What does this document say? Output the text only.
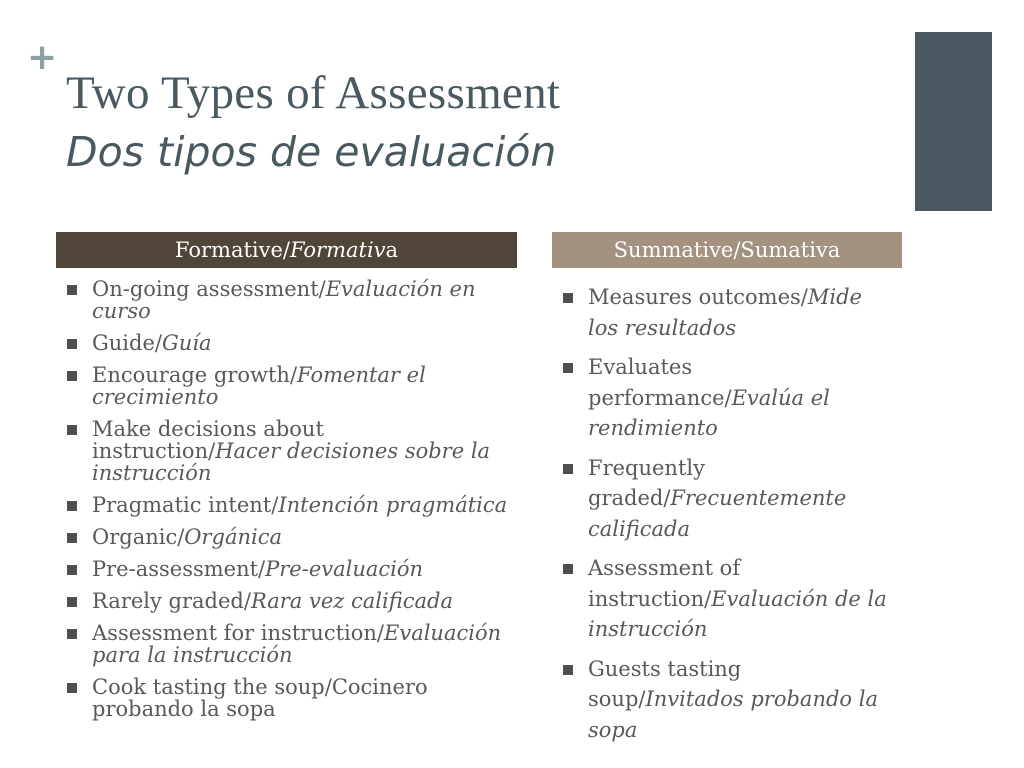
+
Two Types of Assessment
Dos tipos de evaluación
Formative/Formativa	Summative/Sumativa
On-going assessment/Evaluación en curso
Guide/Guía
Encourage growth/Fomentar el crecimiento
Make decisions about instruction/Hacer decisiones sobre la instrucción
Pragmatic intent/Intención pragmática
Organic/Orgánica
Pre-assessment/Pre-evaluación
Rarely graded/Rara vez calificada
Assessment for instruction/Evaluación para la instrucción
Cook tasting the soup/Cocinero probando la sopa
Measures outcomes/Mide los resultados
Evaluates performance/Evalúa el rendimiento
Frequently graded/Frecuentemente calificada
Assessment of instruction/Evaluación de la instrucción
Guests tasting soup/Invitados probando la sopa
